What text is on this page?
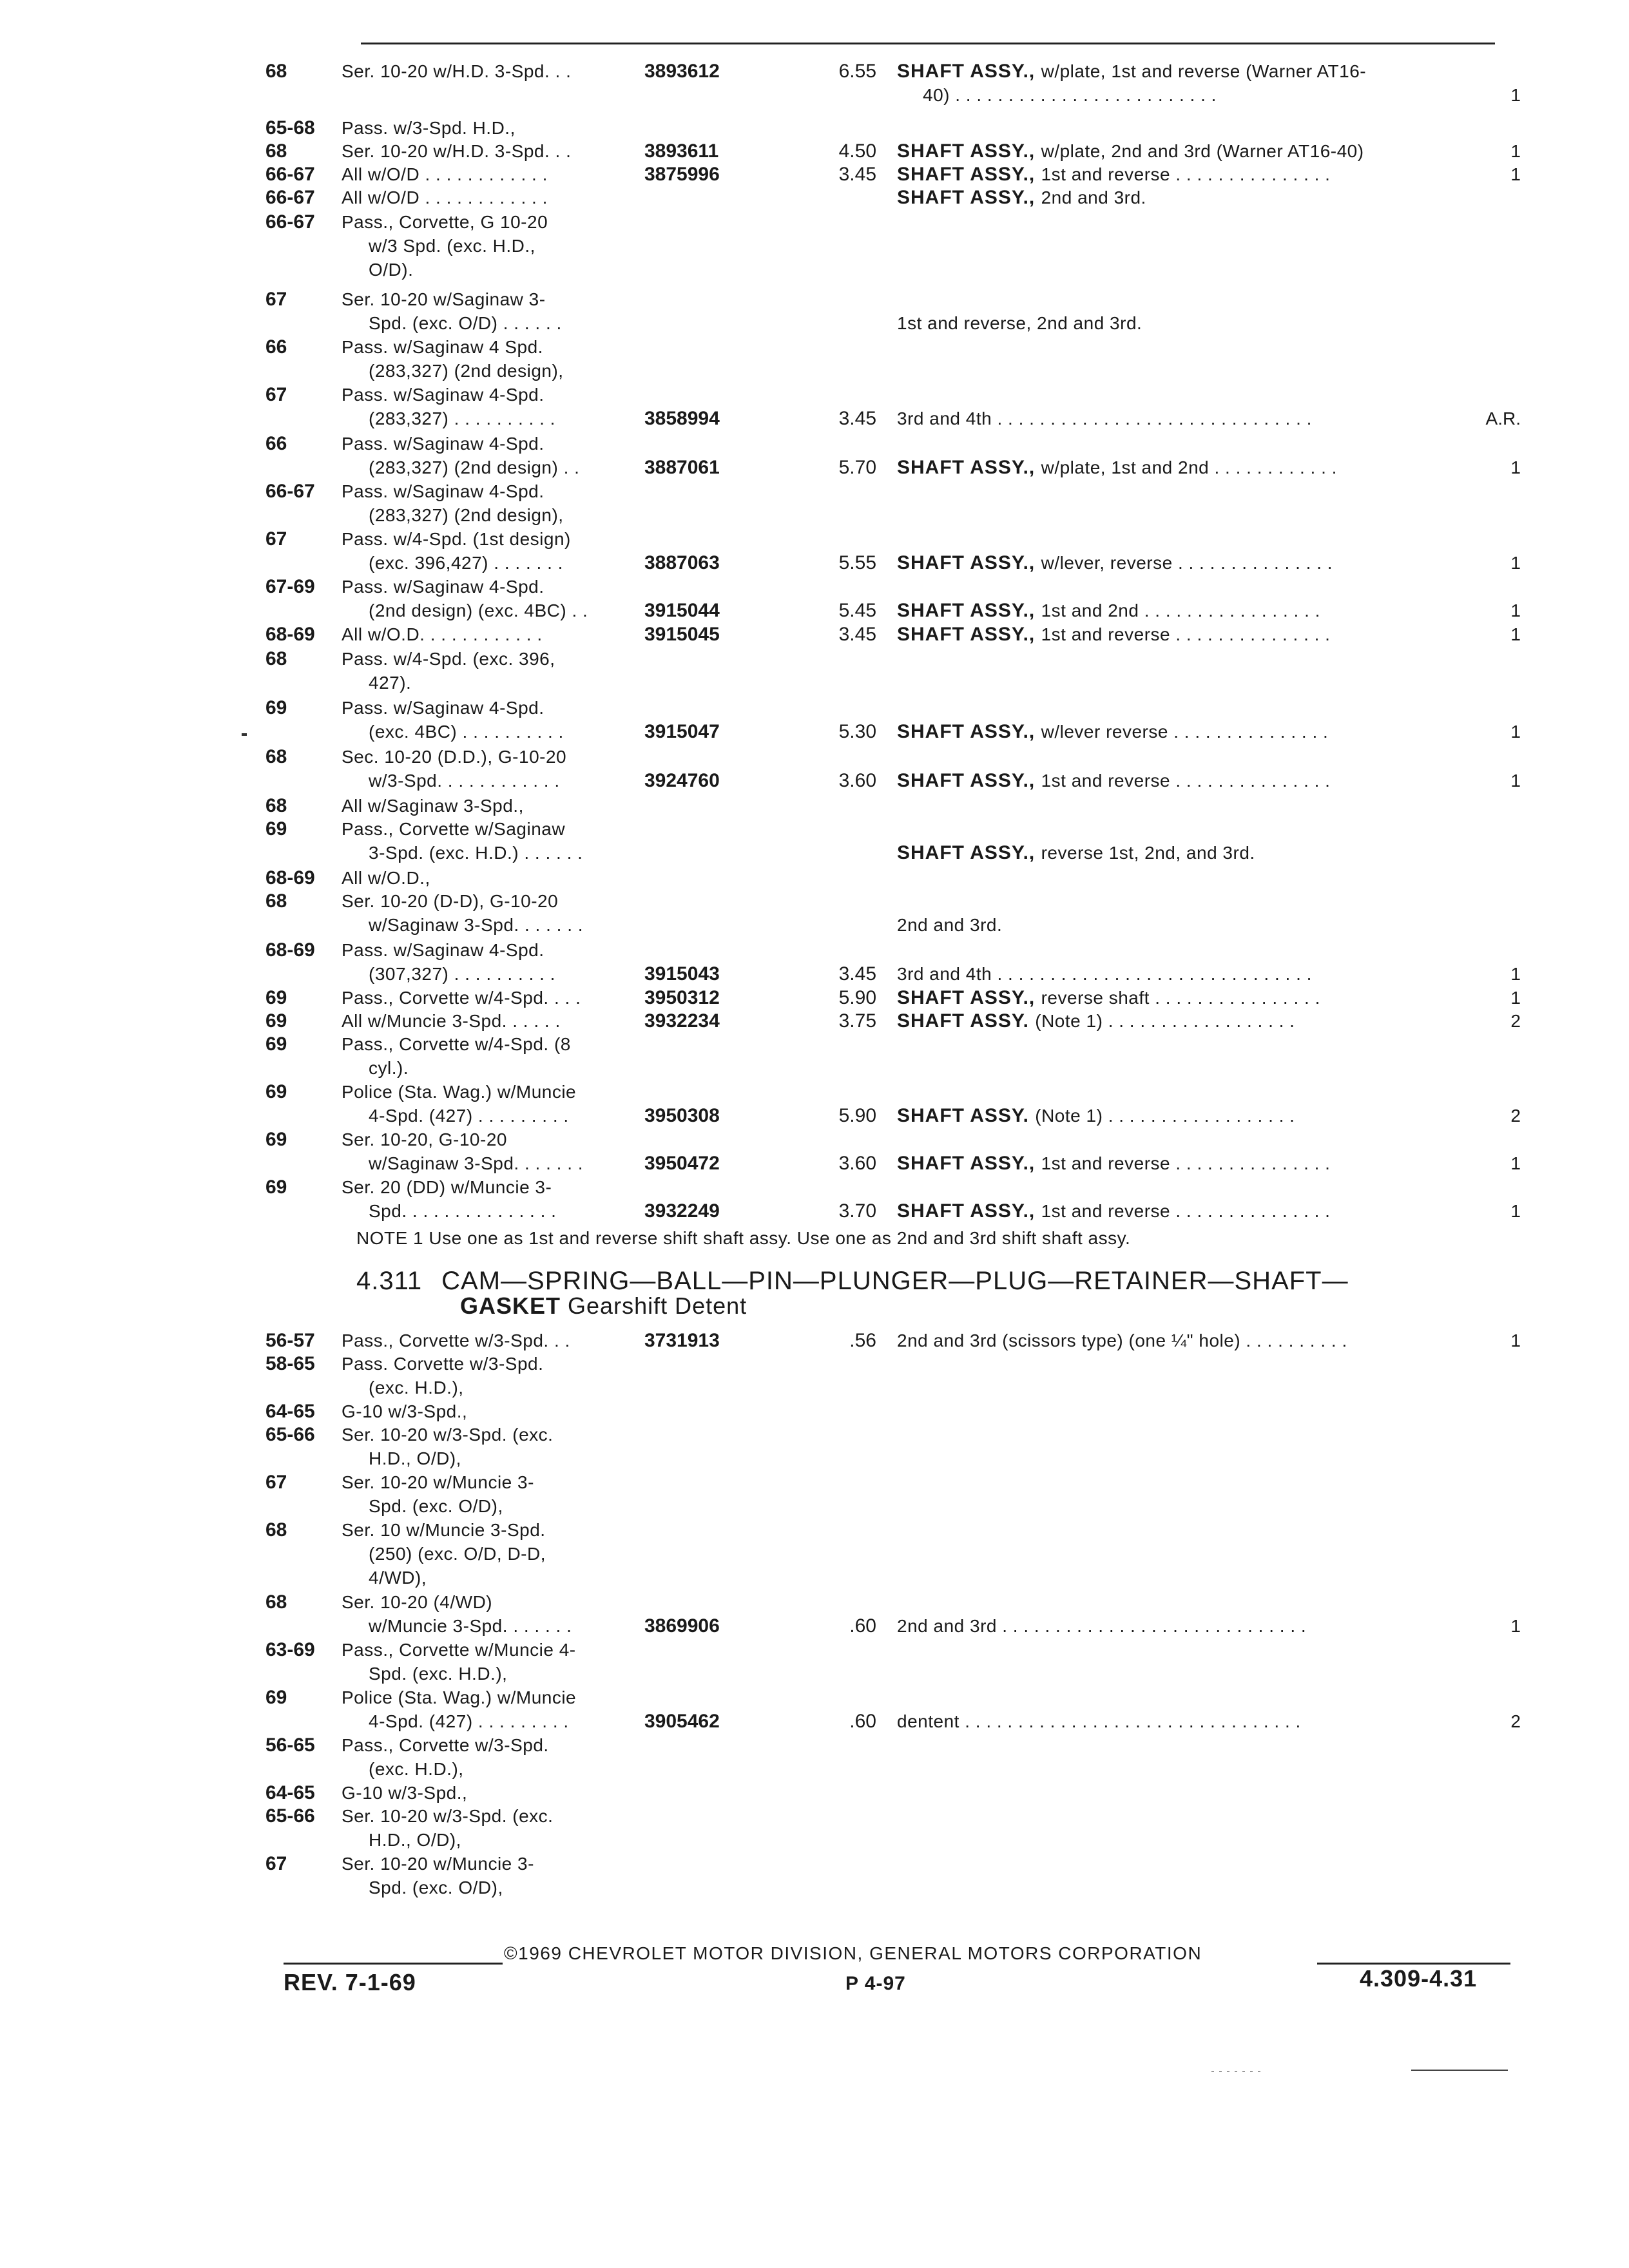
68	Ser. 10-20 w/H.D. 3-Spd. . .	3893612	6.55 SHAFT ASSY., w/plate, 1st and reverse (Warner AT16-
40) . . . . . . . . . . . . . . . . . . . . . . . . .	1
65-68	Pass. w/3-Spd. H.D.,
68	Ser. 10-20 w/H.D. 3-Spd. . .	3893611	4.50 SHAFT ASSY., w/plate, 2nd and 3rd (Warner AT16-40)	1
66-67	All w/O/D . . . . . . . . . . . .	3875996	3.45 SHAFT ASSY., 1st and reverse . . . . . . . . . . . . . . .	1
66-67	All w/O/D . . . . . . . . . . . .	SHAFT ASSY., 2nd and 3rd.
66-67	Pass., Corvette, G 10-20
w/3 Spd. (exc. H.D.,
O/D).
67	Ser. 10-20 w/Saginaw 3-
Spd. (exc. O/D) . . . . . .	1st and reverse, 2nd and 3rd.
66	Pass. w/Saginaw 4 Spd.
(283,327) (2nd design),
67	Pass. w/Saginaw 4-Spd.
(283,327) . . . . . . . . . .	3858994	3.45 3rd and 4th . . . . . . . . . . . . . . . . . . . . . . . . . . . . . .	A.R.
66	Pass. w/Saginaw 4-Spd.
(283,327) (2nd design) . .	3887061	5.70 SHAFT ASSY., w/plate, 1st and 2nd . . . . . . . . . . . .	1
66-67	Pass. w/Saginaw 4-Spd.
(283,327) (2nd design),
67	Pass. w/4-Spd. (1st design)
(exc. 396,427) . . . . . . .	3887063	5.55 SHAFT ASSY., w/lever, reverse . . . . . . . . . . . . . . .	1
67-69	Pass. w/Saginaw 4-Spd.
(2nd design) (exc. 4BC) . .	3915044	5.45 SHAFT ASSY., 1st and 2nd . . . . . . . . . . . . . . . . .	1
68-69	All w/O.D. . . . . . . . . . . .	3915045	3.45 SHAFT ASSY., 1st and reverse . . . . . . . . . . . . . . .	1
68	Pass. w/4-Spd. (exc. 396,
427).
69	Pass. w/Saginaw 4-Spd.
(exc. 4BC) . . . . . . . . . .	3915047	5.30 SHAFT ASSY., w/lever reverse . . . . . . . . . . . . . . .	1
68	Sec. 10-20 (D.D.), G-10-20
w/3-Spd. . . . . . . . . . . .	3924760	3.60 SHAFT ASSY., 1st and reverse . . . . . . . . . . . . . . .	1
68	All w/Saginaw 3-Spd.,
69	Pass., Corvette w/Saginaw
3-Spd. (exc. H.D.) . . . . . .	SHAFT ASSY., reverse 1st, 2nd, and 3rd.
68-69	All w/O.D.,
68	Ser. 10-20 (D-D), G-10-20
w/Saginaw 3-Spd. . . . . . .	2nd and 3rd.
68-69	Pass. w/Saginaw 4-Spd.
(307,327) . . . . . . . . . .	3915043	3.45 3rd and 4th . . . . . . . . . . . . . . . . . . . . . . . . . . . . . .	1
69	Pass., Corvette w/4-Spd. . . .	3950312	5.90 SHAFT ASSY., reverse shaft . . . . . . . . . . . . . . . .	1
69	All w/Muncie 3-Spd. . . . . .	3932234	3.75 SHAFT ASSY. (Note 1) . . . . . . . . . . . . . . . . . .	2
69	Pass., Corvette w/4-Spd. (8
cyl.).
69	Police (Sta. Wag.) w/Muncie
4-Spd. (427) . . . . . . . . .	3950308	5.90 SHAFT ASSY. (Note 1) . . . . . . . . . . . . . . . . . .	2
69	Ser. 10-20, G-10-20
w/Saginaw 3-Spd. . . . . . .	3950472	3.60 SHAFT ASSY., 1st and reverse . . . . . . . . . . . . . . .	1
69	Ser. 20 (DD) w/Muncie 3-
Spd. . . . . . . . . . . . . . .	3932249	3.70 SHAFT ASSY., 1st and reverse . . . . . . . . . . . . . . .	1
56-57	Pass., Corvette w/3-Spd. . .	3731913	.56 2nd and 3rd (scissors type) (one ¼" hole) . . . . . . . . . .	1
58-65	Pass. Corvette w/3-Spd.
(exc. H.D.),
64-65	G-10 w/3-Spd.,
65-66	Ser. 10-20 w/3-Spd. (exc.
H.D., O/D),
67	Ser. 10-20 w/Muncie 3-
Spd. (exc. O/D),
68	Ser. 10 w/Muncie 3-Spd.
(250) (exc. O/D, D-D,
4/WD),
68	Ser. 10-20 (4/WD)
w/Muncie 3-Spd. . . . . . .	3869906	.60 2nd and 3rd . . . . . . . . . . . . . . . . . . . . . . . . . . . . .	1
63-69	Pass., Corvette w/Muncie 4-
Spd. (exc. H.D.),
69	Police (Sta. Wag.) w/Muncie
4-Spd. (427) . . . . . . . . .	3905462	.60 dentent . . . . . . . . . . . . . . . . . . . . . . . . . . . . . . . .	2
56-65	Pass., Corvette w/3-Spd.
(exc. H.D.),
64-65	G-10 w/3-Spd.,
65-66	Ser. 10-20 w/3-Spd. (exc.
H.D., O/D),
67	Ser. 10-20 w/Muncie 3-
Spd. (exc. O/D),
NOTE 1 Use one as 1st and reverse shift shaft assy. Use one as 2nd and 3rd shift shaft assy.
4.311 CAM—SPRING—BALL—PIN—PLUNGER—PLUG—RETAINER—SHAFT—
GASKET Gearshift Detent
©1969 CHEVROLET MOTOR DIVISION, GENERAL MOTORS CORPORATION
REV. 7-1-69	P 4-97	4.309-4.31
